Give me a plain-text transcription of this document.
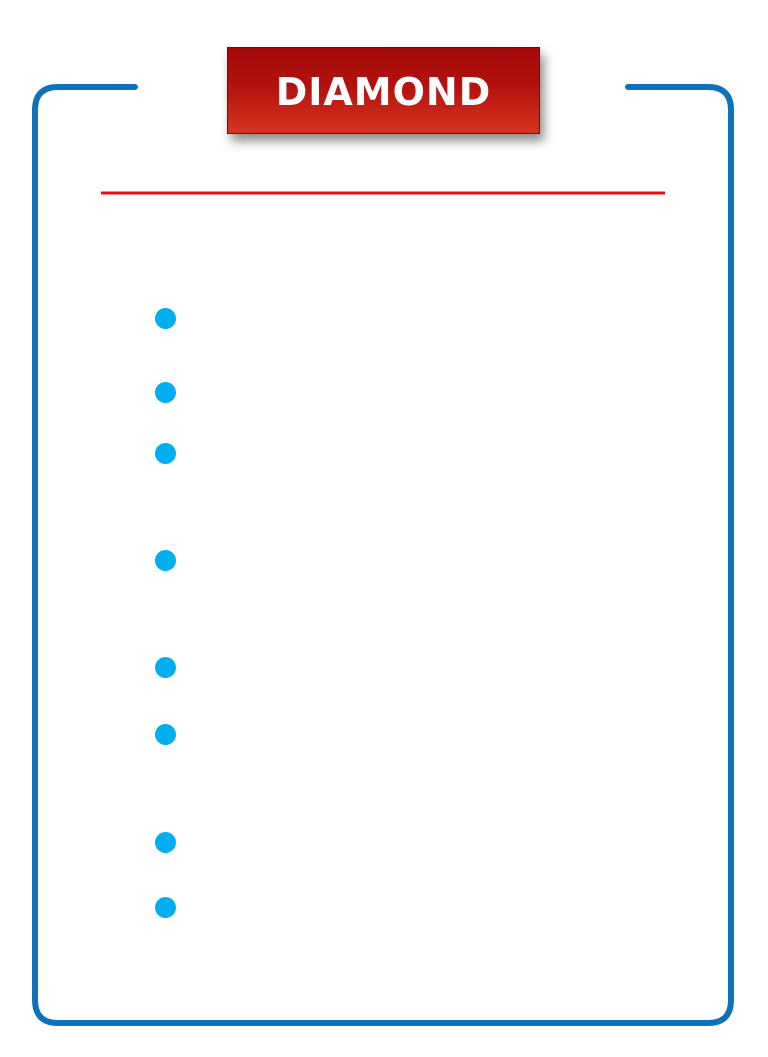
DIAMOND
